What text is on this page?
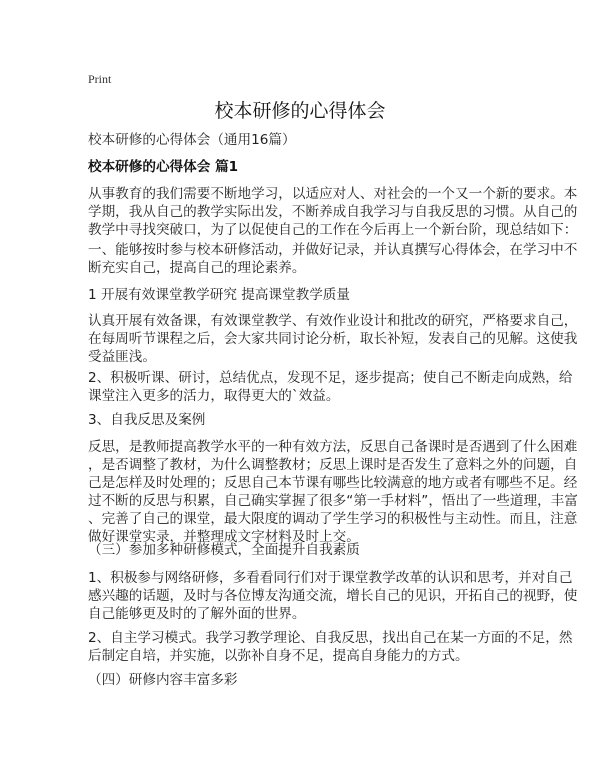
Print
校本研修的心得体会
校本研修的心得体会（通用16篇）
校本研修的心得体会 篇1
从事教育的我们需要不断地学习，以适应对人、对社会的一个又一个新的要求。本
学期，我从自己的教学实际出发，不断养成自我学习与自我反思的习惯。从自己的
教学中寻找突破口，为了以促使自己的工作在今后再上一个新台阶，现总结如下：
一、能够按时参与校本研修活动，并做好记录，并认真撰写心得体会，在学习中不
断充实自己，提高自己的理论素养。
1 开展有效课堂教学研究 提高课堂教学质量
认真开展有效备课，有效课堂教学、有效作业设计和批改的研究，严格要求自己，
在每周听节课程之后，会大家共同讨论分析，取长补短，发表自己的见解。这使我
受益匪浅。
2、积极听课、研讨，总结优点，发现不足，逐步提高；使自己不断走向成熟，给
课堂注入更多的活力，取得更大的`效益。
3、自我反思及案例
反思，是教师提高教学水平的一种有效方法，反思自己备课时是否遇到了什么困难
，是否调整了教材，为什么调整教材；反思上课时是否发生了意料之外的问题，自
己是怎样及时处理的；反思自己本节课有哪些比较满意的地方或者有哪些不足。经
过不断的反思与积累，自己确实掌握了很多“第一手材料”，悟出了一些道理，丰富
、完善了自己的课堂，最大限度的调动了学生学习的积极性与主动性。而且，注意
做好课堂实录，并整理成文字材料及时上交。
（三）参加多种研修模式，全面提升自我素质
1、积极参与网络研修，多看看同行们对于课堂教学改革的认识和思考，并对自己
感兴趣的话题，及时与各位博友沟通交流，增长自己的见识，开拓自己的视野，使
自己能够更及时的了解外面的世界。
2、自主学习模式。我学习教学理论、自我反思，找出自己在某一方面的不足，然
后制定自培，并实施，以弥补自身不足，提高自身能力的方式。
（四）研修内容丰富多彩
